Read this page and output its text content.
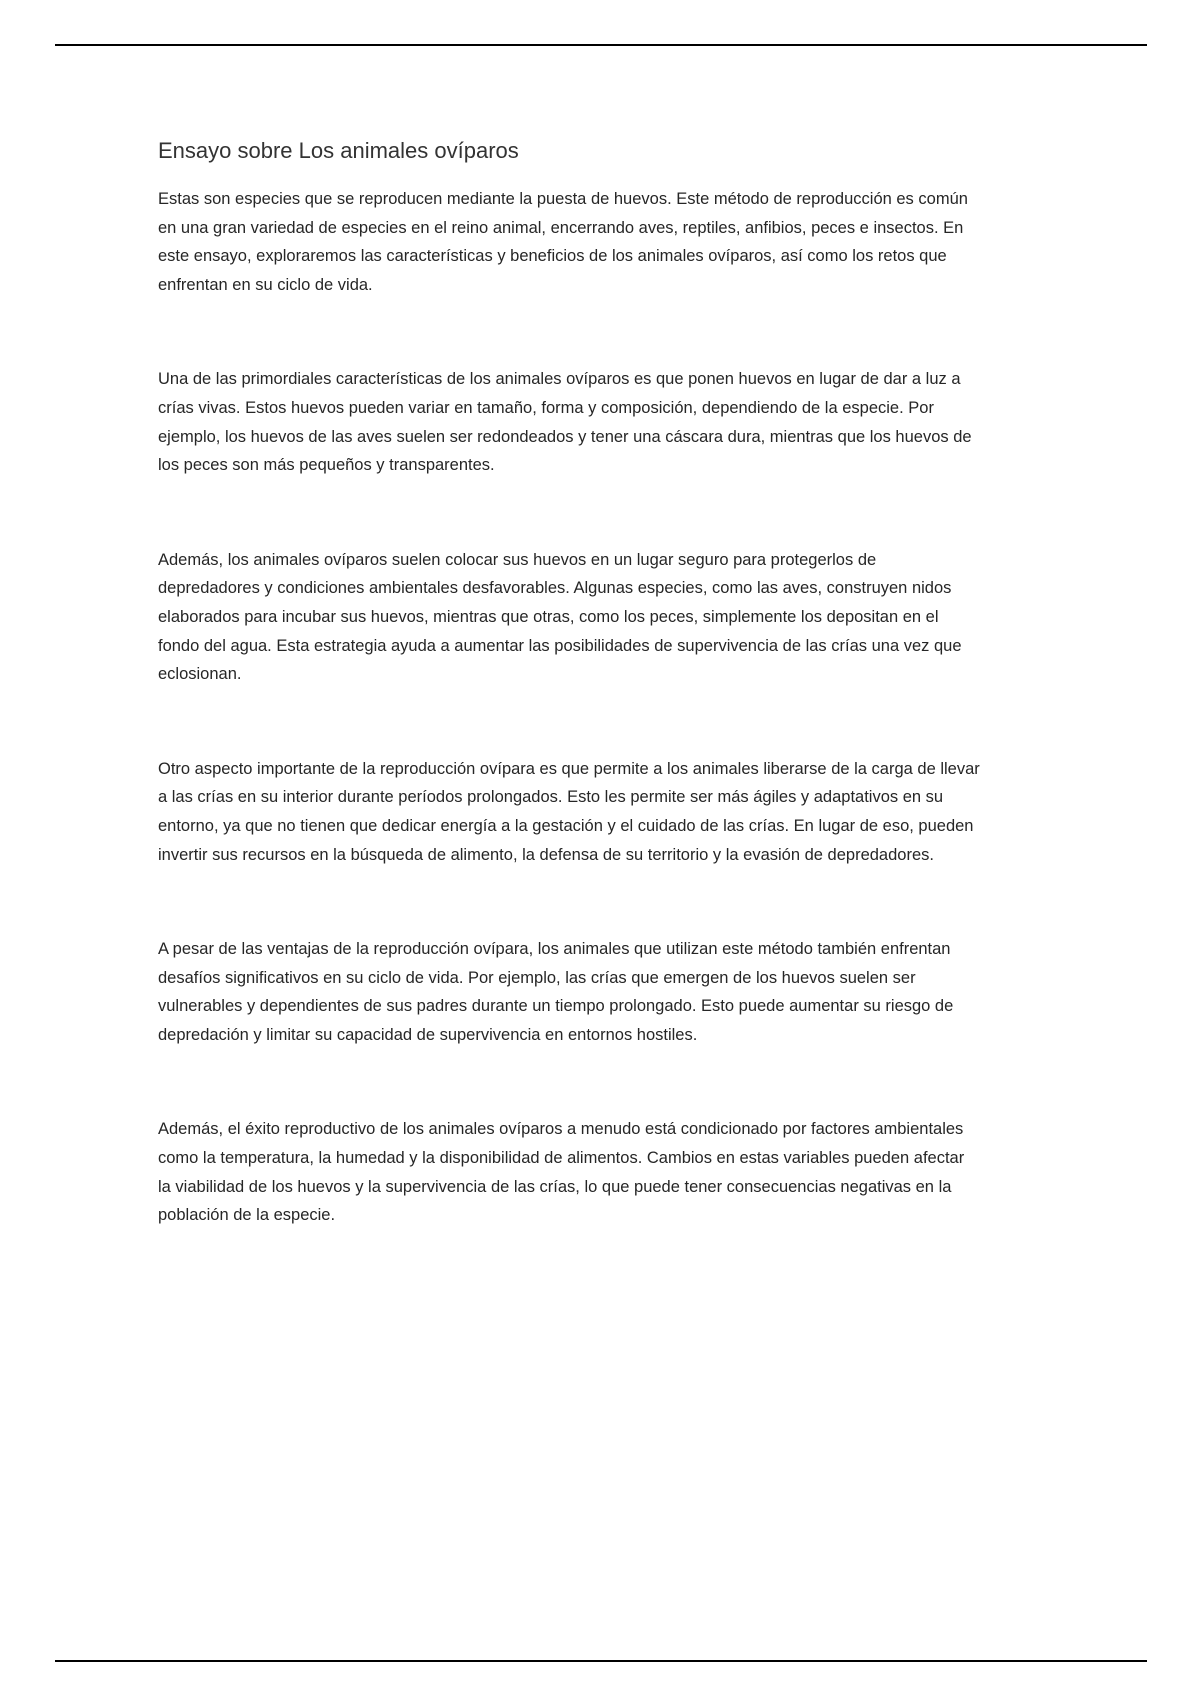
Ensayo sobre Los animales ovíparos

Estas son especies que se reproducen mediante la puesta de huevos. Este método de reproducción es común en una gran variedad de especies en el reino animal, encerrando aves, reptiles, anfibios, peces e insectos. En este ensayo, exploraremos las características y beneficios de los animales ovíparos, así como los retos que enfrentan en su ciclo de vida.

Una de las primordiales características de los animales ovíparos es que ponen huevos en lugar de dar a luz a crías vivas. Estos huevos pueden variar en tamaño, forma y composición, dependiendo de la especie. Por ejemplo, los huevos de las aves suelen ser redondeados y tener una cáscara dura, mientras que los huevos de los peces son más pequeños y transparentes.

Además, los animales ovíparos suelen colocar sus huevos en un lugar seguro para protegerlos de depredadores y condiciones ambientales desfavorables. Algunas especies, como las aves, construyen nidos elaborados para incubar sus huevos, mientras que otras, como los peces, simplemente los depositan en el fondo del agua. Esta estrategia ayuda a aumentar las posibilidades de supervivencia de las crías una vez que eclosionan.

Otro aspecto importante de la reproducción ovípara es que permite a los animales liberarse de la carga de llevar a las crías en su interior durante períodos prolongados. Esto les permite ser más ágiles y adaptativos en su entorno, ya que no tienen que dedicar energía a la gestación y el cuidado de las crías. En lugar de eso, pueden invertir sus recursos en la búsqueda de alimento, la defensa de su territorio y la evasión de depredadores.

A pesar de las ventajas de la reproducción ovípara, los animales que utilizan este método también enfrentan desafíos significativos en su ciclo de vida. Por ejemplo, las crías que emergen de los huevos suelen ser vulnerables y dependientes de sus padres durante un tiempo prolongado. Esto puede aumentar su riesgo de depredación y limitar su capacidad de supervivencia en entornos hostiles.

Además, el éxito reproductivo de los animales ovíparos a menudo está condicionado por factores ambientales como la temperatura, la humedad y la disponibilidad de alimentos. Cambios en estas variables pueden afectar la viabilidad de los huevos y la supervivencia de las crías, lo que puede tener consecuencias negativas en la población de la especie.
